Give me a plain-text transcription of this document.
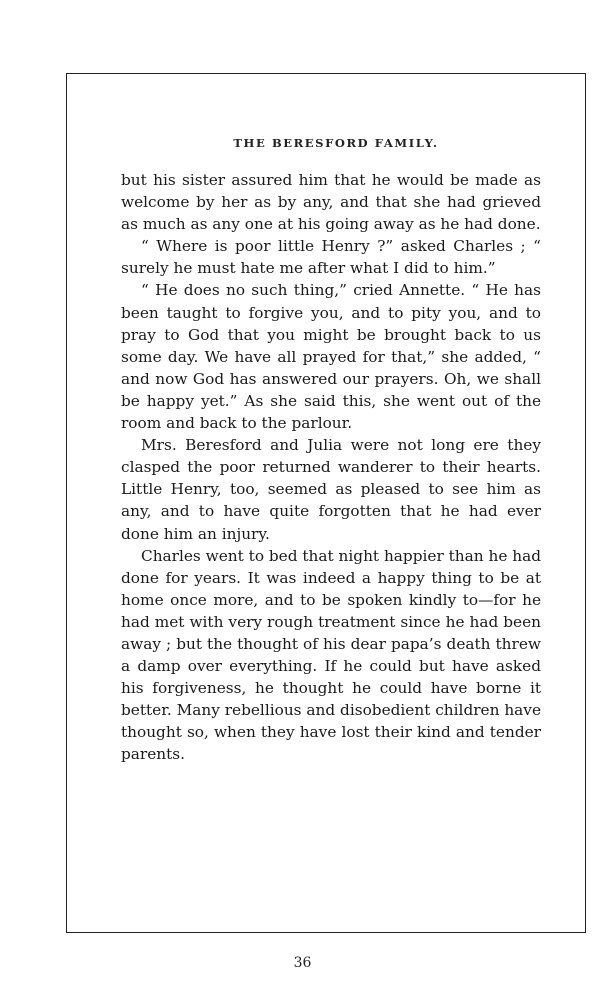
THE BERESFORD FAMILY.

but his sister assured him that he would be made as welcome by her as by any, and that she had grieved as much as any one at his going away as he had done.

“ Where is poor little Henry ?” asked Charles ; “ surely he must hate me after what I did to him.”

“ He does no such thing,” cried Annette. “ He has been taught to forgive you, and to pity you, and to pray to God that you might be brought back to us some day. We have all prayed for that,” she added, “ and now God has answered our prayers. Oh, we shall be happy yet.” As she said this, she went out of the room and back to the parlour.

Mrs. Beresford and Julia were not long ere they clasped the poor returned wanderer to their hearts. Little Henry, too, seemed as pleased to see him as any, and to have quite forgotten that he had ever done him an injury.

Charles went to bed that night happier than he had done for years. It was indeed a happy thing to be at home once more, and to be spoken kindly to—for he had met with very rough treatment since he had been away ; but the thought of his dear papa’s death threw a damp over everything. If he could but have asked his forgiveness, he thought he could have borne it better. Many rebellious and disobedient children have thought so, when they have lost their kind and tender parents.

36
